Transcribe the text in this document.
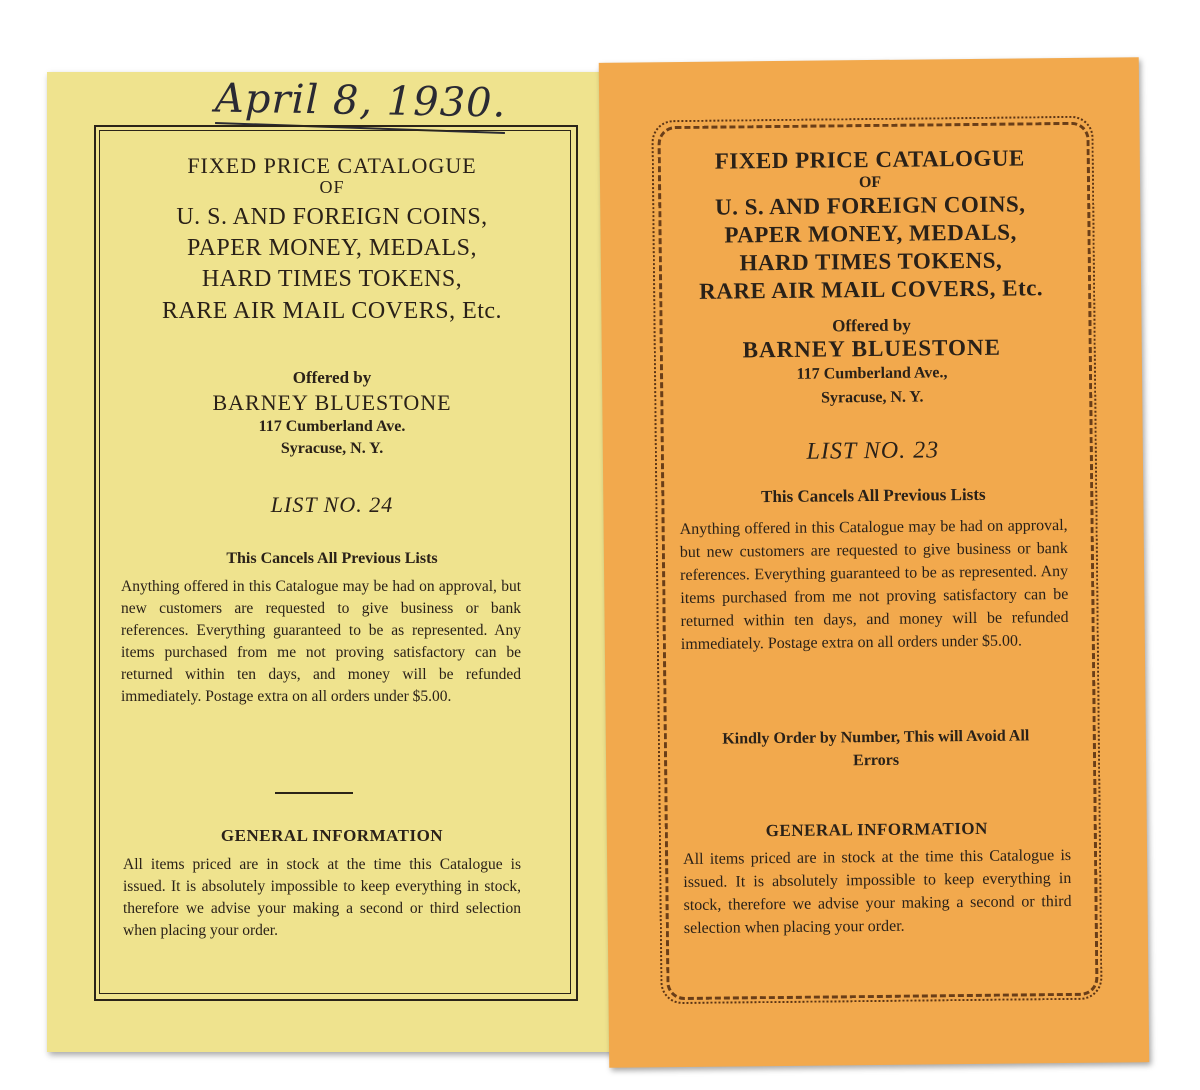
April 8, 1930.
FIXED PRICE CATALOGUE
OF
U. S. AND FOREIGN COINS,
PAPER MONEY, MEDALS,
HARD TIMES TOKENS,
RARE AIR MAIL COVERS, Etc.
Offered by
BARNEY BLUESTONE
117 Cumberland Ave.
Syracuse, N. Y.
LIST NO. 24
This Cancels All Previous Lists
Anything offered in this Catalogue may be had on approval, but new customers are requested to give business or bank references. Everything guaranteed to be as represented. Any items purchased from me not proving satisfactory can be returned within ten days, and money will be refunded immediately. Postage extra on all orders under $5.00.
GENERAL INFORMATION
All items priced are in stock at the time this Catalogue is issued. It is absolutely impossible to keep everything in stock, therefore we advise your making a second or third selection when placing your order.
FIXED PRICE CATALOGUE
OF
U. S. AND FOREIGN COINS,
PAPER MONEY, MEDALS,
HARD TIMES TOKENS,
RARE AIR MAIL COVERS, Etc.
Offered by
BARNEY BLUESTONE
117 Cumberland Ave.,
Syracuse, N. Y.
LIST NO. 23
This Cancels All Previous Lists
Anything offered in this Catalogue may be had on approval, but new customers are requested to give business or bank references. Everything guaranteed to be as represented. Any items purchased from me not proving satisfactory can be returned within ten days, and money will be refunded immediately. Postage extra on all orders under $5.00.
Kindly Order by Number, This will Avoid All Errors
GENERAL INFORMATION
All items priced are in stock at the time this Catalogue is issued. It is absolutely impossible to keep everything in stock, therefore we advise your making a second or third selection when placing your order.
